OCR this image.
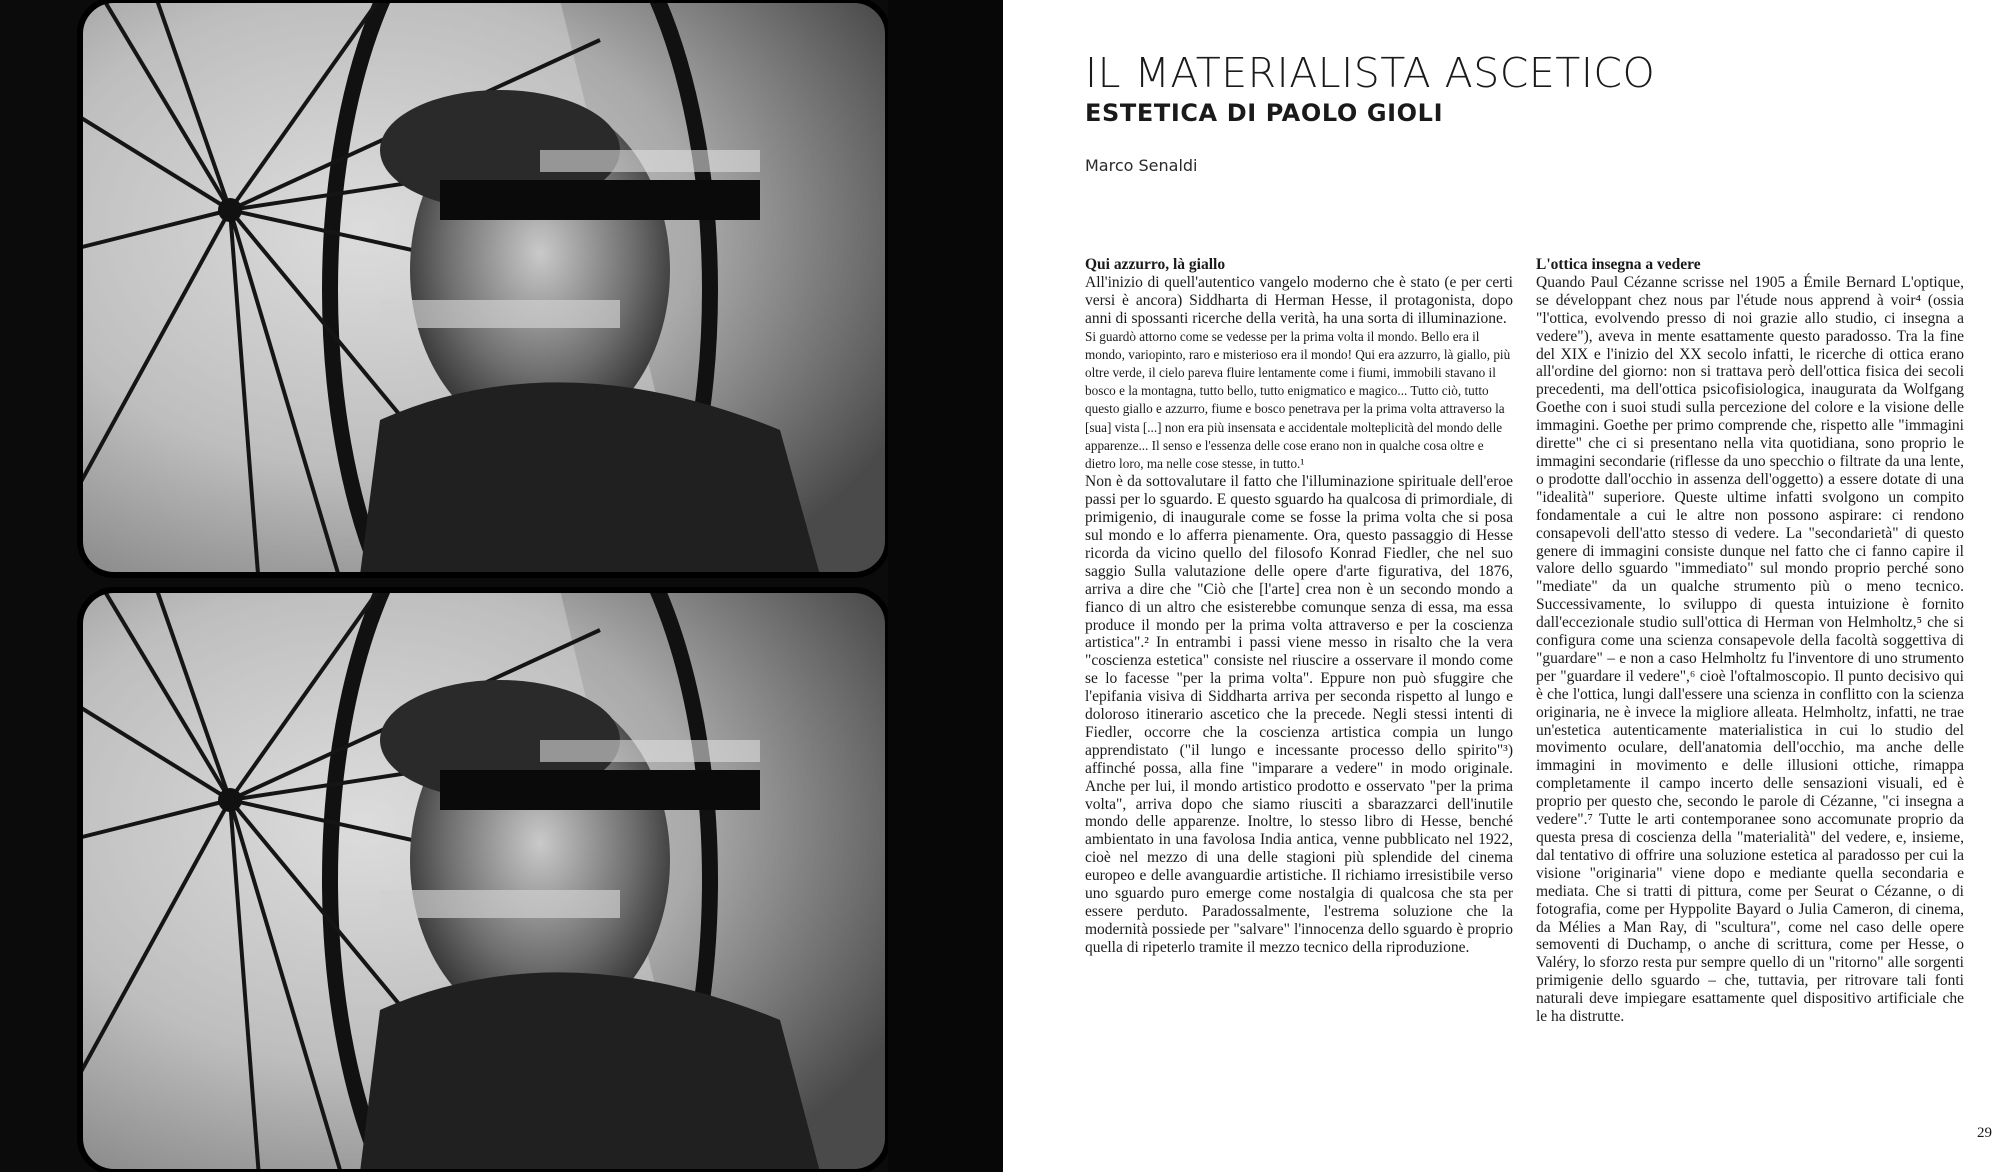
IL MATERIALISTA ASCETICO
ESTETICA DI PAOLO GIOLI
Marco Senaldi

Qui azzurro, là giallo

All'inizio di quell'autentico vangelo moderno che è stato (e per certi versi è ancora) Siddharta di Herman Hesse, il protagonista, dopo anni di spossanti ricerche della verità, ha una sorta di illuminazione.

Si guardò attorno come se vedesse per la prima volta il mondo. Bello era il mondo, variopinto, raro e misterioso era il mondo! Qui era azzurro, là giallo, più oltre verde, il cielo pareva fluire lentamente come i fiumi, immobili stavano il bosco e la montagna, tutto bello, tutto enigmatico e magico... Tutto ciò, tutto questo giallo e azzurro, fiume e bosco penetrava per la prima volta attraverso la [sua] vista [...] non era più insensata e accidentale molteplicità del mondo delle apparenze... Il senso e l'essenza delle cose erano non in qualche cosa oltre e dietro loro, ma nelle cose stesse, in tutto.¹

Non è da sottovalutare il fatto che l'illuminazione spirituale dell'eroe passi per lo sguardo. E questo sguardo ha qualcosa di primordiale, di primigenio, di inaugurale come se fosse la prima volta che si posa sul mondo e lo afferra pienamente. Ora, questo passaggio di Hesse ricorda da vicino quello del filosofo Konrad Fiedler, che nel suo saggio Sulla valutazione delle opere d'arte figurativa, del 1876, arriva a dire che "Ciò che [l'arte] crea non è un secondo mondo a fianco di un altro che esisterebbe comunque senza di essa, ma essa produce il mondo per la prima volta attraverso e per la coscienza artistica".² In entrambi i passi viene messo in risalto che la vera "coscienza estetica" consiste nel riuscire a osservare il mondo come se lo facesse "per la prima volta". Eppure non può sfuggire che l'epifania visiva di Siddharta arriva per seconda rispetto al lungo e doloroso itinerario ascetico che la precede. Negli stessi intenti di Fiedler, occorre che la coscienza artistica compia un lungo apprendistato ("il lungo e incessante processo dello spirito"³) affinché possa, alla fine "imparare a vedere" in modo originale. Anche per lui, il mondo artistico prodotto e osservato "per la prima volta", arriva dopo che siamo riusciti a sbarazzarci dell'inutile mondo delle apparenze. Inoltre, lo stesso libro di Hesse, benché ambientato in una favolosa India antica, venne pubblicato nel 1922, cioè nel mezzo di una delle stagioni più splendide del cinema europeo e delle avanguardie artistiche. Il richiamo irresistibile verso uno sguardo puro emerge come nostalgia di qualcosa che sta per essere perduto. Paradossalmente, l'estrema soluzione che la modernità possiede per "salvare" l'innocenza dello sguardo è proprio quella di ripeterlo tramite il mezzo tecnico della riproduzione.

L'ottica insegna a vedere

Quando Paul Cézanne scrisse nel 1905 a Émile Bernard L'optique, se développant chez nous par l'étude nous apprend à voir⁴ (ossia "l'ottica, evolvendo presso di noi grazie allo studio, ci insegna a vedere"), aveva in mente esattamente questo paradosso. Tra la fine del XIX e l'inizio del XX secolo infatti, le ricerche di ottica erano all'ordine del giorno: non si trattava però dell'ottica fisica dei secoli precedenti, ma dell'ottica psicofisiologica, inaugurata da Wolfgang Goethe con i suoi studi sulla percezione del colore e la visione delle immagini. Goethe per primo comprende che, rispetto alle "immagini dirette" che ci si presentano nella vita quotidiana, sono proprio le immagini secondarie (riflesse da uno specchio o filtrate da una lente, o prodotte dall'occhio in assenza dell'oggetto) a essere dotate di una "idealità" superiore. Queste ultime infatti svolgono un compito fondamentale a cui le altre non possono aspirare: ci rendono consapevoli dell'atto stesso di vedere. La "secondarietà" di questo genere di immagini consiste dunque nel fatto che ci fanno capire il valore dello sguardo "immediato" sul mondo proprio perché sono "mediate" da un qualche strumento più o meno tecnico. Successivamente, lo sviluppo di questa intuizione è fornito dall'eccezionale studio sull'ottica di Herman von Helmholtz,⁵ che si configura come una scienza consapevole della facoltà soggettiva di "guardare" – e non a caso Helmholtz fu l'inventore di uno strumento per "guardare il vedere",⁶ cioè l'oftalmoscopio. Il punto decisivo qui è che l'ottica, lungi dall'essere una scienza in conflitto con la scienza originaria, ne è invece la migliore alleata. Helmholtz, infatti, ne trae un'estetica autenticamente materialistica in cui lo studio del movimento oculare, dell'anatomia dell'occhio, ma anche delle immagini in movimento e delle illusioni ottiche, rimappa completamente il campo incerto delle sensazioni visuali, ed è proprio per questo che, secondo le parole di Cézanne, "ci insegna a vedere".⁷ Tutte le arti contemporanee sono accomunate proprio da questa presa di coscienza della "materialità" del vedere, e, insieme, dal tentativo di offrire una soluzione estetica al paradosso per cui la visione "originaria" viene dopo e mediante quella secondaria e mediata. Che si tratti di pittura, come per Seurat o Cézanne, o di fotografia, come per Hyppolite Bayard o Julia Cameron, di cinema, da Mélies a Man Ray, di "scultura", come nel caso delle opere semoventi di Duchamp, o anche di scrittura, come per Hesse, o Valéry, lo sforzo resta pur sempre quello di un "ritorno" alle sorgenti primigenie dello sguardo – che, tuttavia, per ritrovare tali fonti naturali deve impiegare esattamente quel dispositivo artificiale che le ha distrutte.

29
